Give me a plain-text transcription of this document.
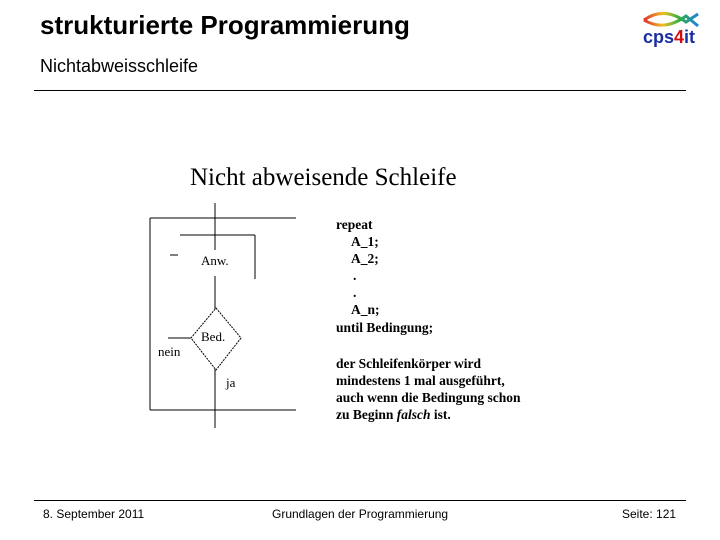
strukturierte Programmierung
Nichtabweisschleife
cps4it
Nicht abweisende Schleife
Anw.
Bed.
nein
ja
repeat
A_1;
A_2;
.
.
A_n;
until Bedingung;
der Schleifenkörper wird
mindestens 1 mal ausgeführt,
auch wenn die Bedingung schon
zu Beginn falsch ist.
8. September 2011	Grundlagen der Programmierung	Seite: 121
